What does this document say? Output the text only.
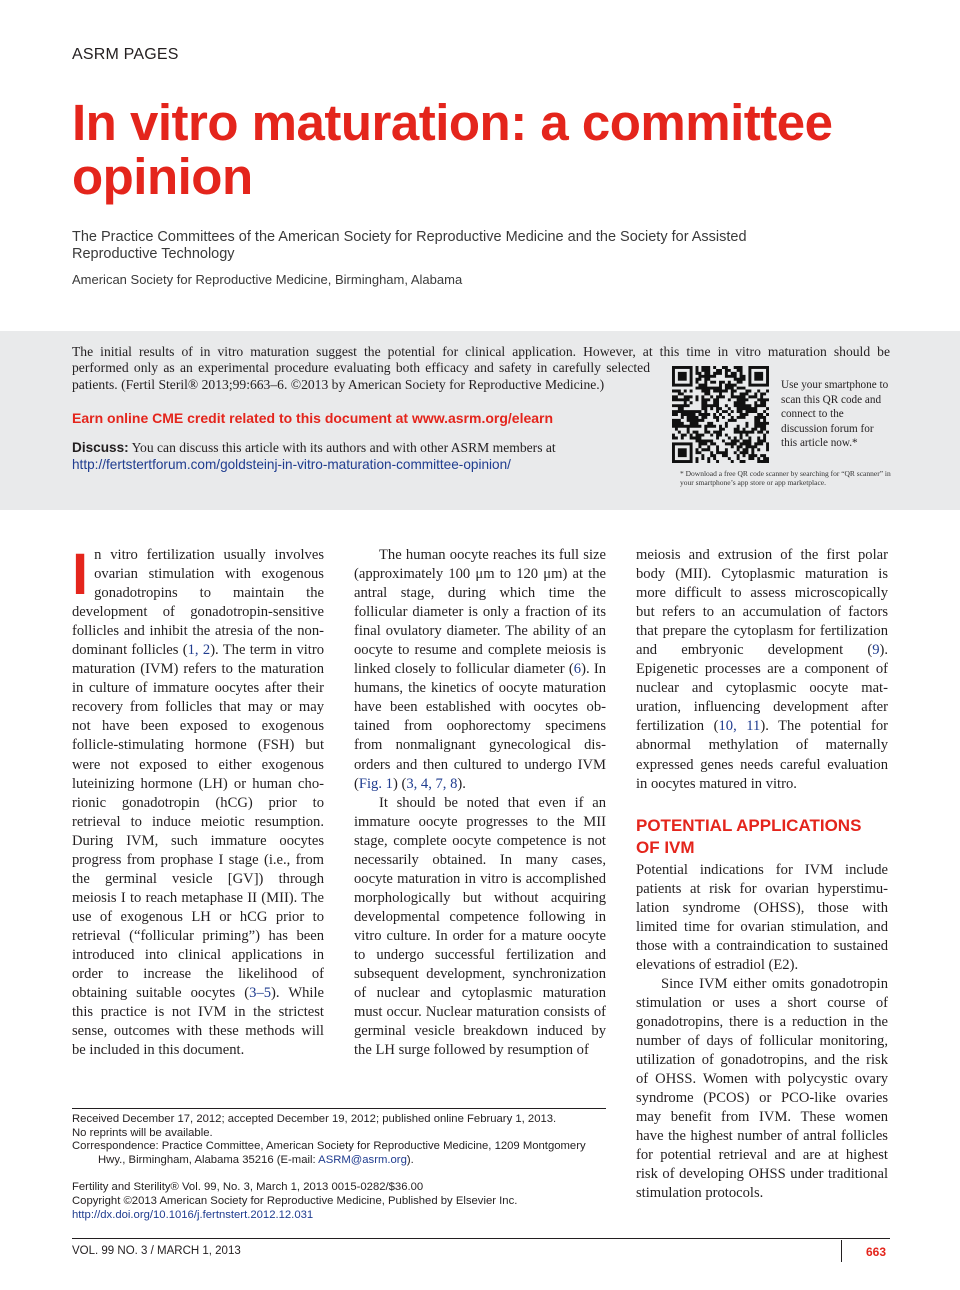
ASRM PAGES
In vitro maturation: a committee opinion
The Practice Committees of the American Society for Reproductive Medicine and the Society for Assisted Reproductive Technology
American Society for Reproductive Medicine, Birmingham, Alabama
The initial results of in vitro maturation suggest the potential for clinical application. However, at this time in vitro maturation should be
performed only as an experimental procedure evaluating both efficacy and safety in carefully selected patients. (Fertil Steril® 2013;99:663–6. ©2013 by American Society for Reproductive Medicine.)
Earn online CME credit related to this document at www.asrm.org/elearn
Discuss: You can discuss this article with its authors and with other ASRM members at http://fertstertforum.com/goldsteinj-in-vitro-maturation-committee-opinion/
Use your smartphone to scan this QR code and connect to the discussion forum for this article now.*
* Download a free QR code scanner by searching for “QR scanner” in your smartphone’s app store or app marketplace.

In vitro fertilization usually involves ovarian stimulation with exogenous gonadotropins to maintain the development of gonadotropin-sensitive follicles and inhibit the atresia of the non-dominant follicles (1, 2). The term in vitro maturation (IVM) refers to the maturation in culture of immature oocytes after their recovery from follicles that may or may not have been exposed to exogenous follicle-stimulating hormone (FSH) but were not exposed to either exogenous luteinizing hormone (LH) or human chorionic gonadotropin (hCG) prior to retrieval to induce meiotic resumption. During IVM, such immature oocytes progress from prophase I stage (i.e., from the germinal vesicle [GV]) through meiosis I to reach metaphase II (MII). The use of exogenous LH or hCG prior to retrieval (“follicular priming”) has been introduced into clinical applications in order to increase the likelihood of obtaining suitable oocytes (3–5). While this practice is not IVM in the strictest sense, outcomes with these methods will be included in this document.

The human oocyte reaches its full size (approximately 100 μm to 120 μm) at the antral stage, during which time the follicular diameter is only a fraction of its final ovulatory diameter. The ability of an oocyte to resume and complete meiosis is linked closely to follicular diameter (6). In humans, the kinetics of oocyte maturation have been established with oocytes obtained from oophorectomy specimens from nonmalignant gynecological disorders and then cultured to undergo IVM (Fig. 1) (3, 4, 7, 8).

It should be noted that even if an immature oocyte progresses to the MII stage, complete oocyte competence is not necessarily obtained. In many cases, oocyte maturation in vitro is accomplished morphologically but without acquiring developmental competence following in vitro culture. In order for a mature oocyte to undergo successful fertilization and subsequent development, synchronization of nuclear and cytoplasmic maturation must occur. Nuclear maturation consists of germinal vesicle breakdown induced by the LH surge followed by resumption of

meiosis and extrusion of the first polar body (MII). Cytoplasmic maturation is more difficult to assess microscopically but refers to an accumulation of factors that prepare the cytoplasm for fertilization and embryonic development (9). Epigenetic processes are a component of nuclear and cytoplasmic oocyte maturation, influencing development after fertilization (10, 11). The potential for abnormal methylation of maternally expressed genes needs careful evaluation in oocytes matured in vitro.

POTENTIAL APPLICATIONS OF IVM

Potential indications for IVM include patients at risk for ovarian hyperstimulation syndrome (OHSS), those with limited time for ovarian stimulation, and those with a contraindication to sustained elevations of estradiol (E2).

Since IVM either omits gonadotropin stimulation or uses a short course of gonadotropins, there is a reduction in the number of days of follicular monitoring, utilization of gonadotropins, and the risk of OHSS. Women with polycystic ovary syndrome (PCOS) or PCO-like ovaries may benefit from IVM. These women have the highest number of antral follicles for potential retrieval and are at highest risk of developing OHSS under traditional stimulation protocols.

Received December 17, 2012; accepted December 19, 2012; published online February 1, 2013.
No reprints will be available.
Correspondence: Practice Committee, American Society for Reproductive Medicine, 1209 Montgomery Hwy., Birmingham, Alabama 35216 (E-mail: ASRM@asrm.org).
Fertility and Sterility® Vol. 99, No. 3, March 1, 2013 0015-0282/$36.00
Copyright ©2013 American Society for Reproductive Medicine, Published by Elsevier Inc.
http://dx.doi.org/10.1016/j.fertnstert.2012.12.031
VOL. 99 NO. 3 / MARCH 1, 2013	663
